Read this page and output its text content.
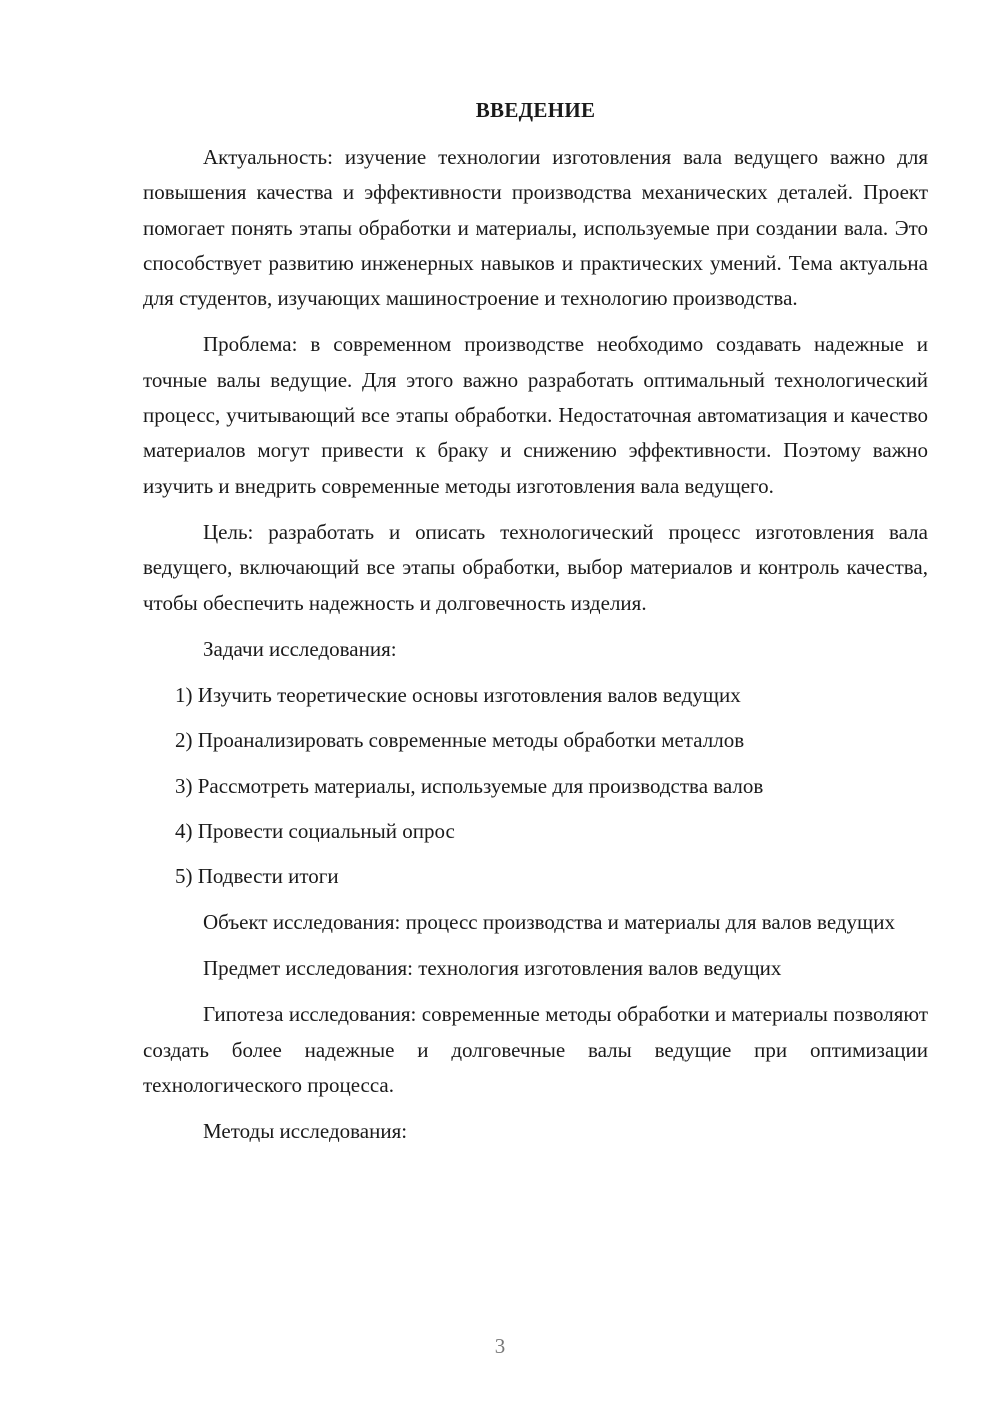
ВВЕДЕНИЕ

Актуальность: изучение технологии изготовления вала ведущего важно для повышения качества и эффективности производства механических деталей. Проект помогает понять этапы обработки и материалы, используемые при создании вала. Это способствует развитию инженерных навыков и практических умений. Тема актуальна для студентов, изучающих машиностроение и технологию производства.

Проблема: в современном производстве необходимо создавать надежные и точные валы ведущие. Для этого важно разработать оптимальный технологический процесс, учитывающий все этапы обработки. Недостаточная автоматизация и качество материалов могут привести к браку и снижению эффективности. Поэтому важно изучить и внедрить современные методы изготовления вала ведущего.

Цель: разработать и описать технологический процесс изготовления вала ведущего, включающий все этапы обработки, выбор материалов и контроль качества, чтобы обеспечить надежность и долговечность изделия.

Задачи исследования:

1) Изучить теоретические основы изготовления валов ведущих
2) Проанализировать современные методы обработки металлов
3) Рассмотреть материалы, используемые для производства валов
4) Провести социальный опрос
5) Подвести итоги

Объект исследования: процесс производства и материалы для валов ведущих

Предмет исследования: технология изготовления валов ведущих

Гипотеза исследования: современные методы обработки и материалы позволяют создать более надежные и долговечные валы ведущие при оптимизации технологического процесса.

Методы исследования:

3
